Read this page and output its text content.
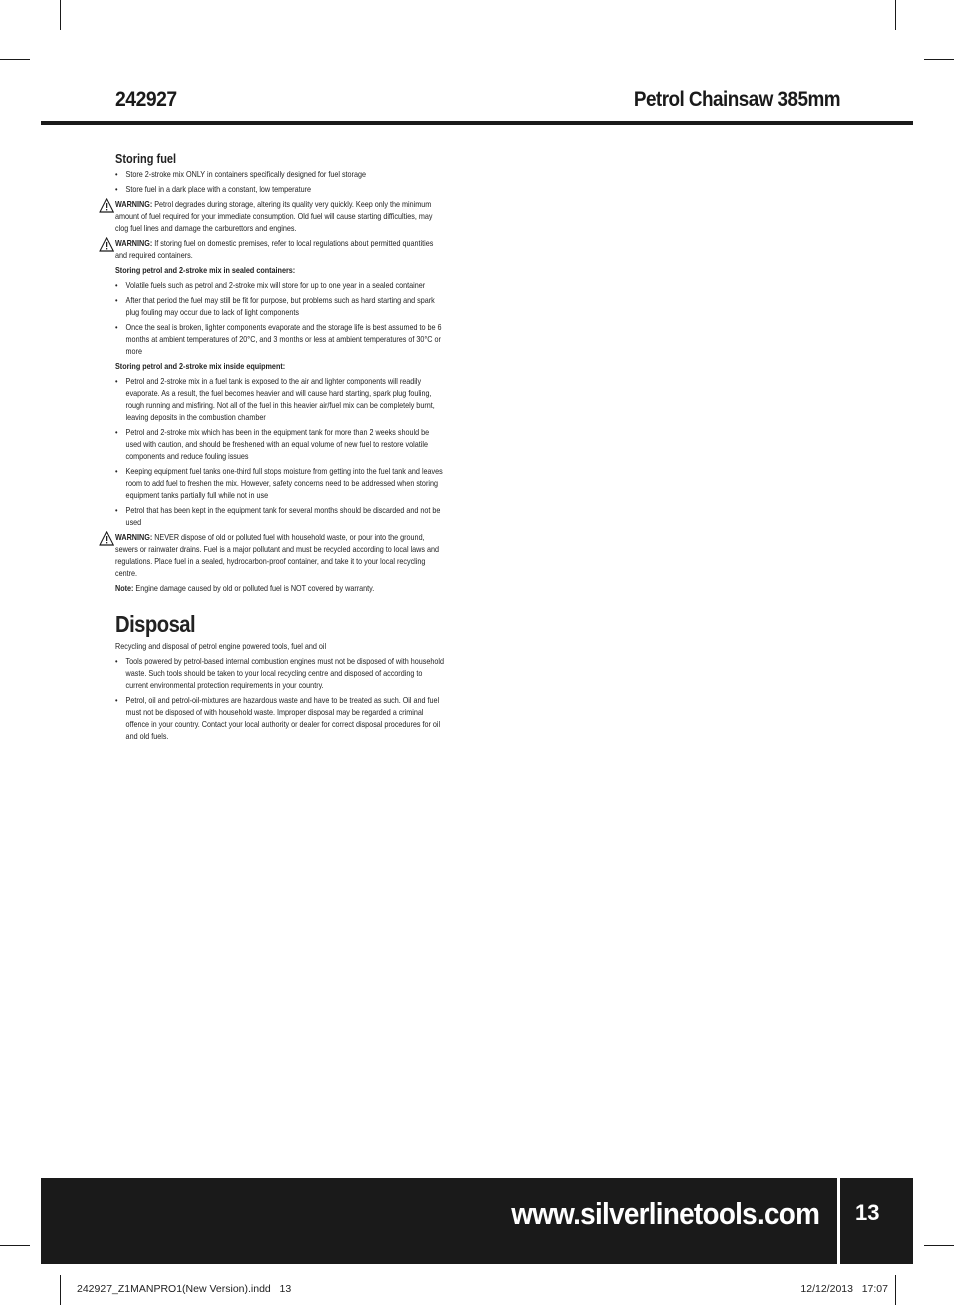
242927	Petrol Chainsaw 385mm
Storing fuel
• Store 2-stroke mix ONLY in containers specifically designed for fuel storage
• Store fuel in a dark place with a constant, low temperature
WARNING: Petrol degrades during storage, altering its quality very quickly. Keep only the minimum amount of fuel required for your immediate consumption. Old fuel will cause starting difficulties, may clog fuel lines and damage the carburettors and engines.
WARNING: If storing fuel on domestic premises, refer to local regulations about permitted quantities and required containers.
Storing petrol and 2-stroke mix in sealed containers:
• Volatile fuels such as petrol and 2-stroke mix will store for up to one year in a sealed container
• After that period the fuel may still be fit for purpose, but problems such as hard starting and spark plug fouling may occur due to lack of light components
• Once the seal is broken, lighter components evaporate and the storage life is best assumed to be 6 months at ambient temperatures of 20°C, and 3 months or less at ambient temperatures of 30°C or more
Storing petrol and 2-stroke mix inside equipment:
• Petrol and 2-stroke mix in a fuel tank is exposed to the air and lighter components will readily evaporate. As a result, the fuel becomes heavier and will cause hard starting, spark plug fouling, rough running and misfiring. Not all of the fuel in this heavier air/fuel mix can be completely burnt, leaving deposits in the combustion chamber
• Petrol and 2-stroke mix which has been in the equipment tank for more than 2 weeks should be used with caution, and should be freshened with an equal volume of new fuel to restore volatile components and reduce fouling issues
• Keeping equipment fuel tanks one-third full stops moisture from getting into the fuel tank and leaves room to add fuel to freshen the mix. However, safety concerns need to be addressed when storing equipment tanks partially full while not in use
• Petrol that has been kept in the equipment tank for several months should be discarded and not be used
WARNING: NEVER dispose of old or polluted fuel with household waste, or pour into the ground, sewers or rainwater drains. Fuel is a major pollutant and must be recycled according to local laws and regulations. Place fuel in a sealed, hydrocarbon-proof container, and take it to your local recycling centre.
Note: Engine damage caused by old or polluted fuel is NOT covered by warranty.
Disposal
Recycling and disposal of petrol engine powered tools, fuel and oil
• Tools powered by petrol-based internal combustion engines must not be disposed of with household waste. Such tools should be taken to your local recycling centre and disposed of according to current environmental protection requirements in your country.
• Petrol, oil and petrol-oil-mixtures are hazardous waste and have to be treated as such. Oil and fuel must not be disposed of with household waste. Improper disposal may be regarded a criminal offence in your country. Contact your local authority or dealer for correct disposal procedures for oil and old fuels.
www.silverlinetools.com 13
242927_Z1MANPRO1(New Version).indd   13	12/12/2013   17:07
